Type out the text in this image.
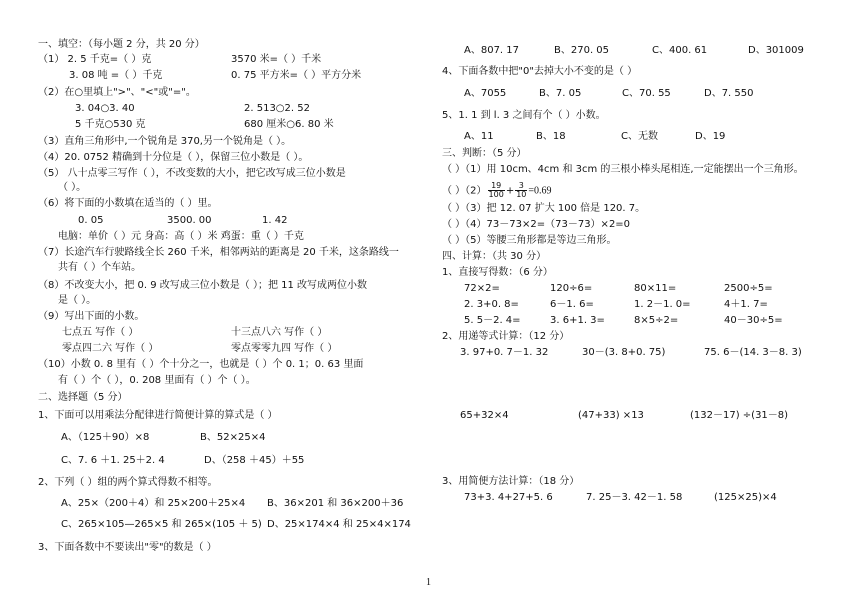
一、填空：（每小题 2 分，共 20 分）
（1） 2. 5 千克=（ ）克	3570 米=（ ）千米
3. 08 吨 =（ ）千克	0. 75 平方米=（ ）平方分米
（2）在○里填上">"、"<"或"="。
3. 04○3. 40	2. 513○2. 52
5 千克○530 克	680 厘米○6. 80 米
（3）直角三角形中,一个锐角是 370,另一个锐角是（ ）。
（4）20. 0752 精确到十分位是（ ），保留三位小数是（ ）。
（5） 八十点零三写作（ ），不改变数的大小，把它改写成三位小数是
（ ）。
（6）将下面的小数填在适当的（ ）里。
0. 05	3500. 00	1. 42
电脑：单价（ ）元 身高：高（ ）米 鸡蛋：重（ ）千克
（7）长途汽车行驶路线全长 260 千米，相邻两站的距离是 20 千米，这条路线一
共有（ ）个车站。
（8）不改变大小，把 0. 9 改写成三位小数是（ ）；把 11 改写成两位小数
是（ ）。
（9）写出下面的小数。
七点五 写作（ ）	十三点八六 写作（ ）
零点四二六 写作（ ）	零点零零九四 写作（ ）
（10）小数 0. 8 里有（ ）个十分之一，也就是（ ）个 0. 1；0. 63 里面
有（ ）个（ ），0. 208 里面有（ ）个（ ）。
二、选择题（5 分）
1、下面可以用乘法分配律进行简便计算的算式是（ ）
A、（125＋90）×8	B、52×25×4
C、7. 6 ＋1. 25＋2. 4	D、（258 ＋45）＋55
2、下列（ ）组的两个算式得数不相等。
A、25×（200＋4）和 25×200＋25×4 B、36×201 和 36×200＋36
C、265×105—265×5 和 265×(105 ＋ 5) D、25×174×4 和 25×4×174
3、下面各数中不要读出"零"的数是（ ）
A、807. 17	B、270. 05	C、400. 61	D、301009
4、下面各数中把"0"去掉大小不变的是（ ）
A、7055	B、7. 05	C、70. 55	D、7. 550
5、1. 1 到 l. 3 之间有个（ ）小数。
A、11	B、18	C、无数	D、19
三、判断：（5 分）
（ ）（1）用 10cm、4cm 和 3cm 的三根小棒头尾相连,一定能摆出一个三角形。
（ ）$(2) \frac{19}{100} + \frac{3}{10} =0.69$
（ ）（3）把 12. 07 扩大 100 倍是 120. 7。
（ ）（4）73－73×2=（73－73）×2=0
（ ）（5）等腰三角形都是等边三角形。
四、计算：（共 30 分）
1、直接写得数：（6 分）
72×2=	120÷6=	80×11=	2500÷5=
2. 3+0. 8=	6－1. 6=	1. 2－1. 0=	4＋1. 7=
5. 5－2. 4=	3. 6+1. 3=	8×5÷2=	40－30÷5=
2、用递等式计算：（12 分）
3. 97+0. 7－1. 32	30－(3. 8+0. 75)	75. 6－(14. 3－8. 3)
65+32×4	(47+33) ×13	(132－17) ÷(31－8)
3、用简便方法计算：（18 分）
73+3. 4+27+5. 6	7. 25－3. 42－1. 58	(125×25)×4
1
